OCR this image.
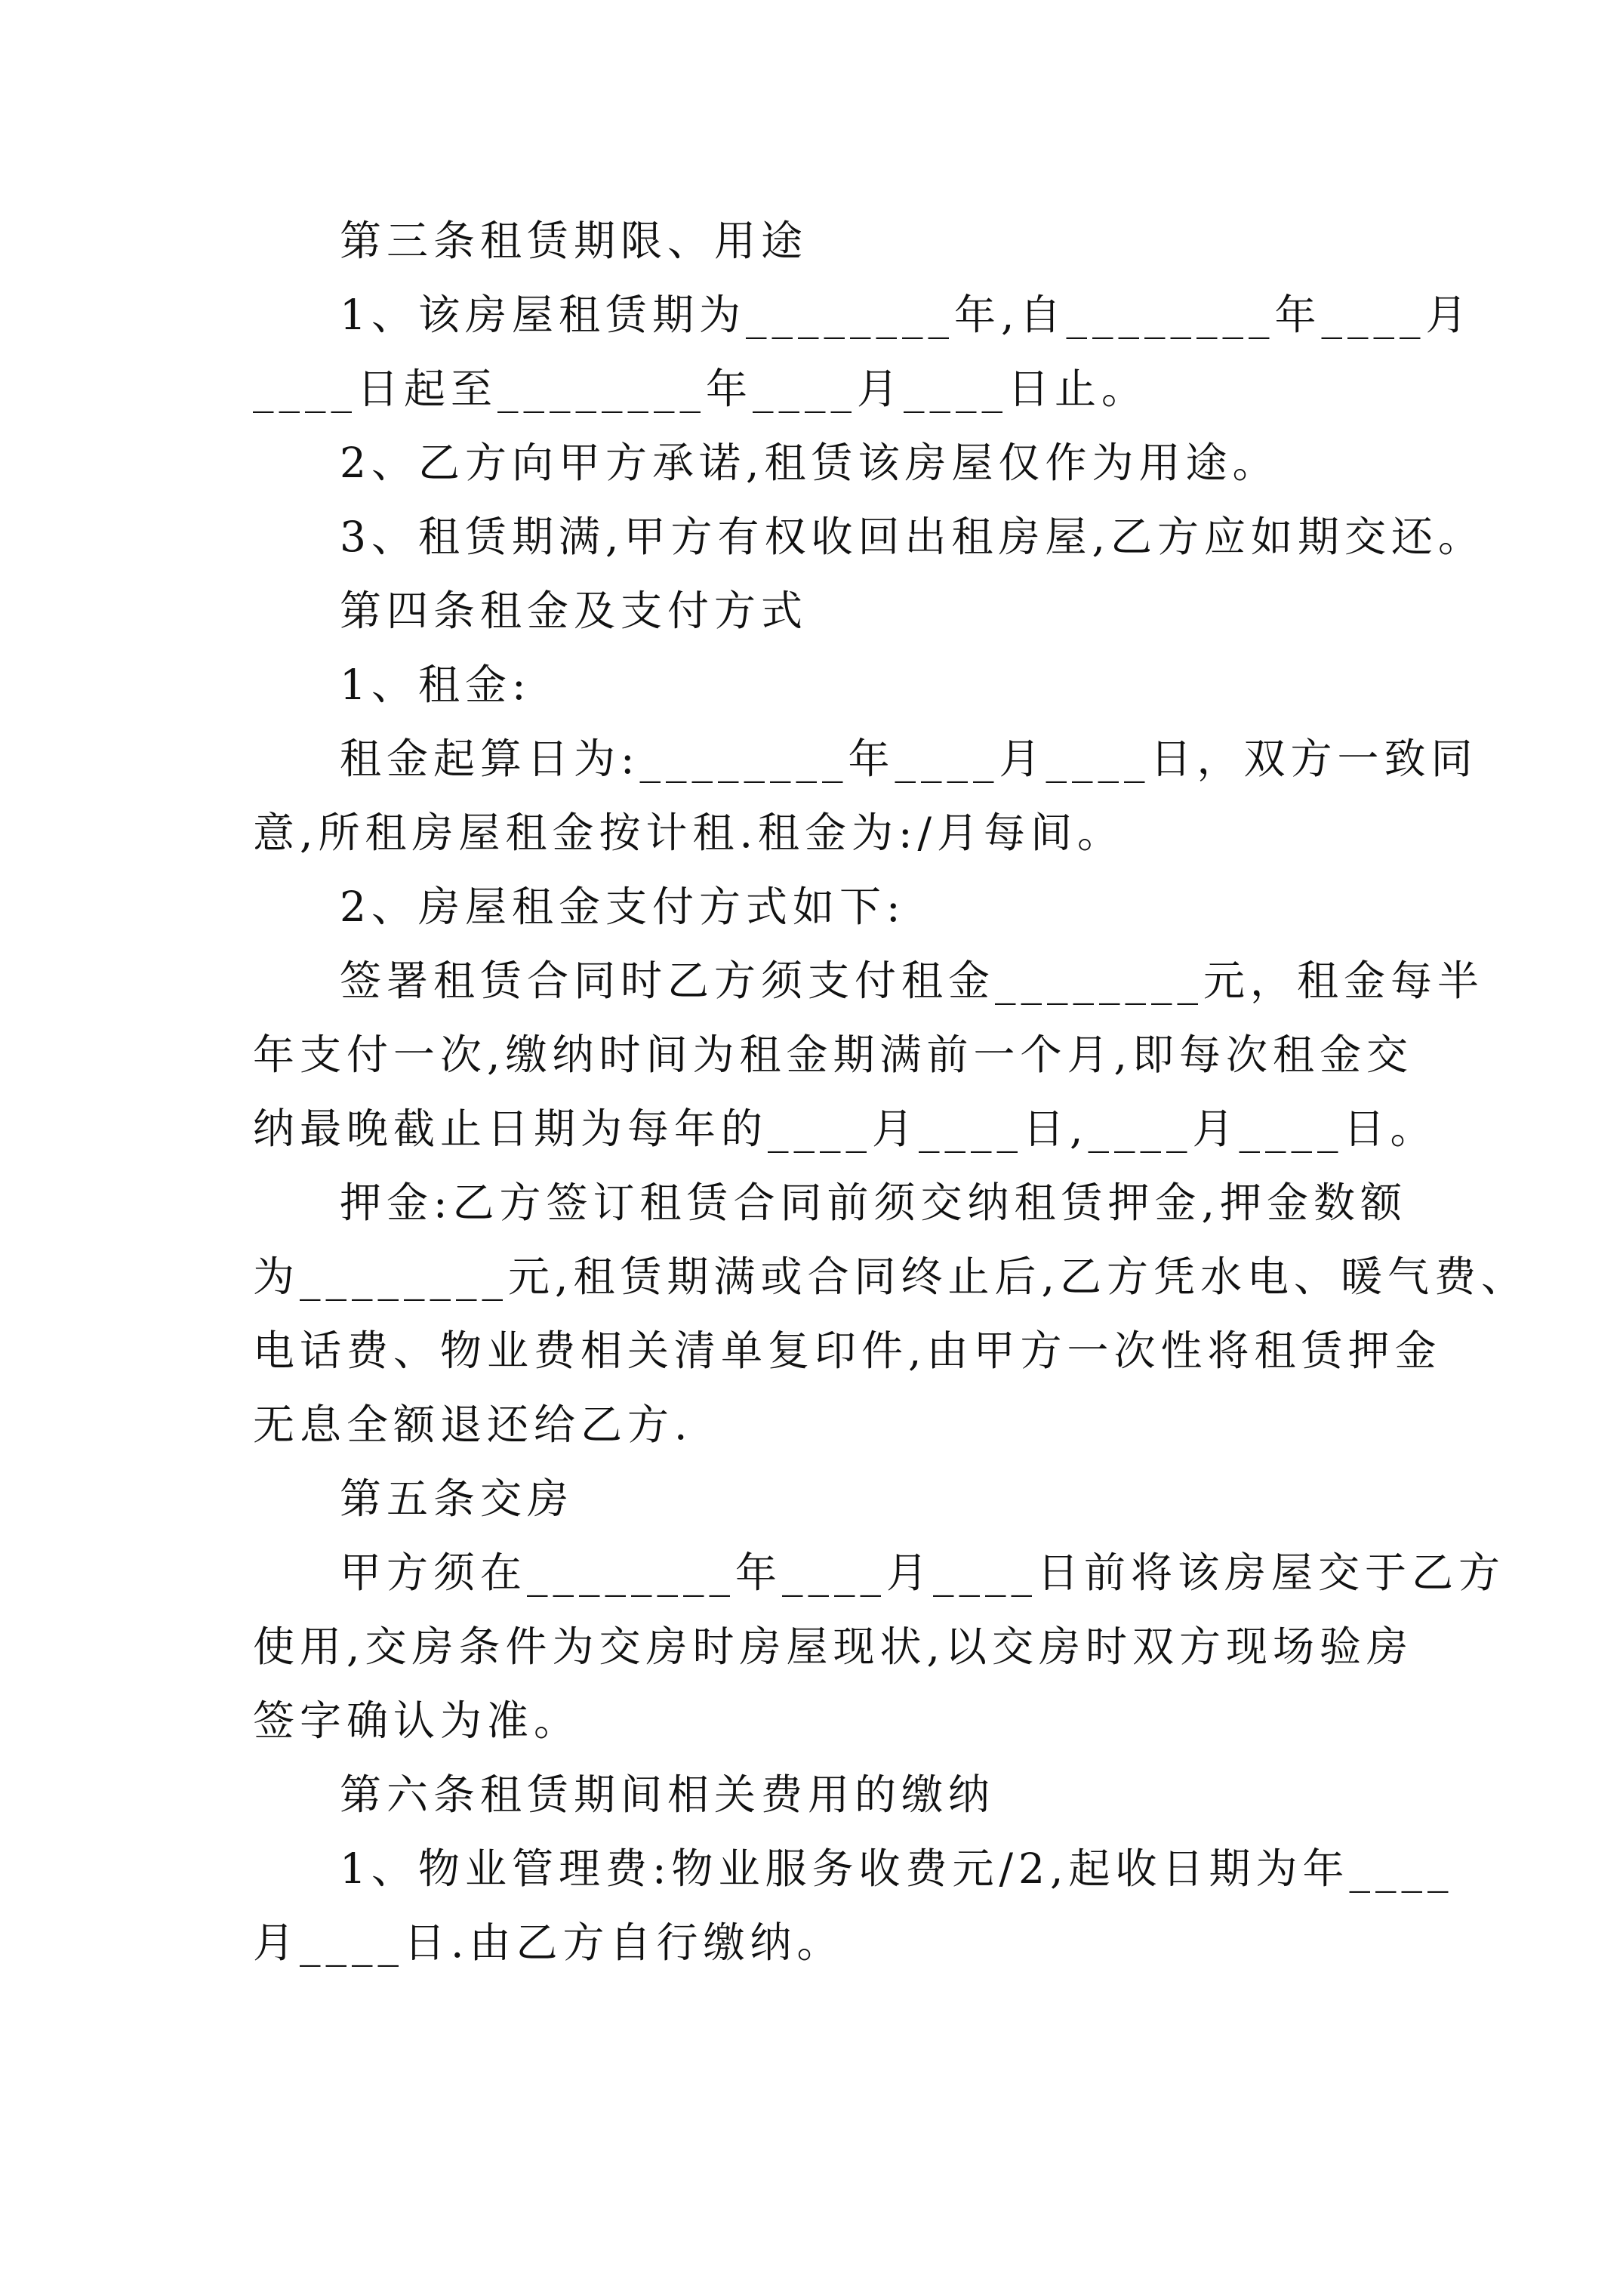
第三条租赁期限、用途
1、该房屋租赁期为________年,自________年____月
____日起至________年____月____日止。
2、乙方向甲方承诺,租赁该房屋仅作为用途。
3、租赁期满,甲方有权收回出租房屋,乙方应如期交还。
第四条租金及支付方式
1、租金:
租金起算日为:________年____月____日，双方一致同
意,所租房屋租金按计租.租金为:/月每间。
2、房屋租金支付方式如下:
签署租赁合同时乙方须支付租金________元，租金每半
年支付一次,缴纳时间为租金期满前一个月,即每次租金交
纳最晚截止日期为每年的____月____日,____月____日。
押金:乙方签订租赁合同前须交纳租赁押金,押金数额
为________元,租赁期满或合同终止后,乙方凭水电、暖气费、
电话费、物业费相关清单复印件,由甲方一次性将租赁押金
无息全额退还给乙方.
第五条交房
甲方须在________年____月____日前将该房屋交于乙方
使用,交房条件为交房时房屋现状,以交房时双方现场验房
签字确认为准。
第六条租赁期间相关费用的缴纳
1、物业管理费:物业服务收费元/2,起收日期为年____
月____日.由乙方自行缴纳。
